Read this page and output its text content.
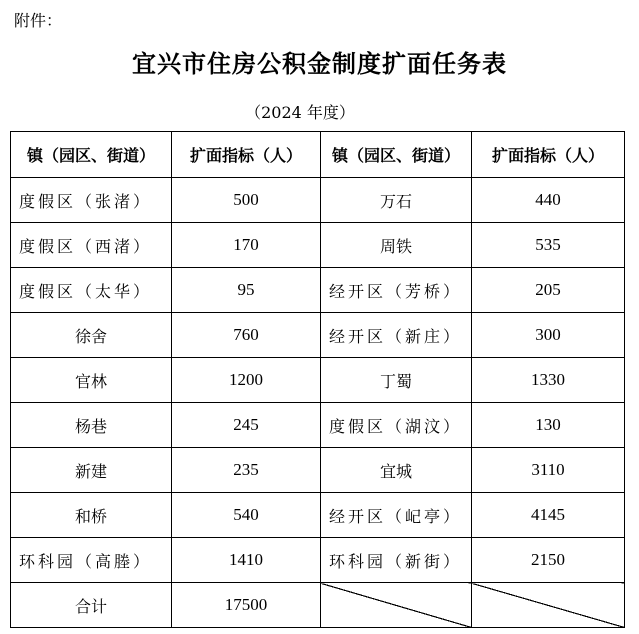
附件：
宜兴市住房公积金制度扩面任务表
（2024 年度）
镇（园区、街道）	扩面指标（人）	镇（园区、街道）	扩面指标（人）
度假区（张渚）	500	万石	440
度假区（西渚）	170	周铁	535
度假区（太华）	95	经开区（芳桥）	205
徐舍	760	经开区（新庄）	300
官林	1200	丁蜀	1330
杨巷	245	度假区（湖汶）	130
新建	235	宜城	3110
和桥	540	经开区（屺亭）	4145
环科园（高塍）	1410	环科园（新街）	2150
合计	17500		
